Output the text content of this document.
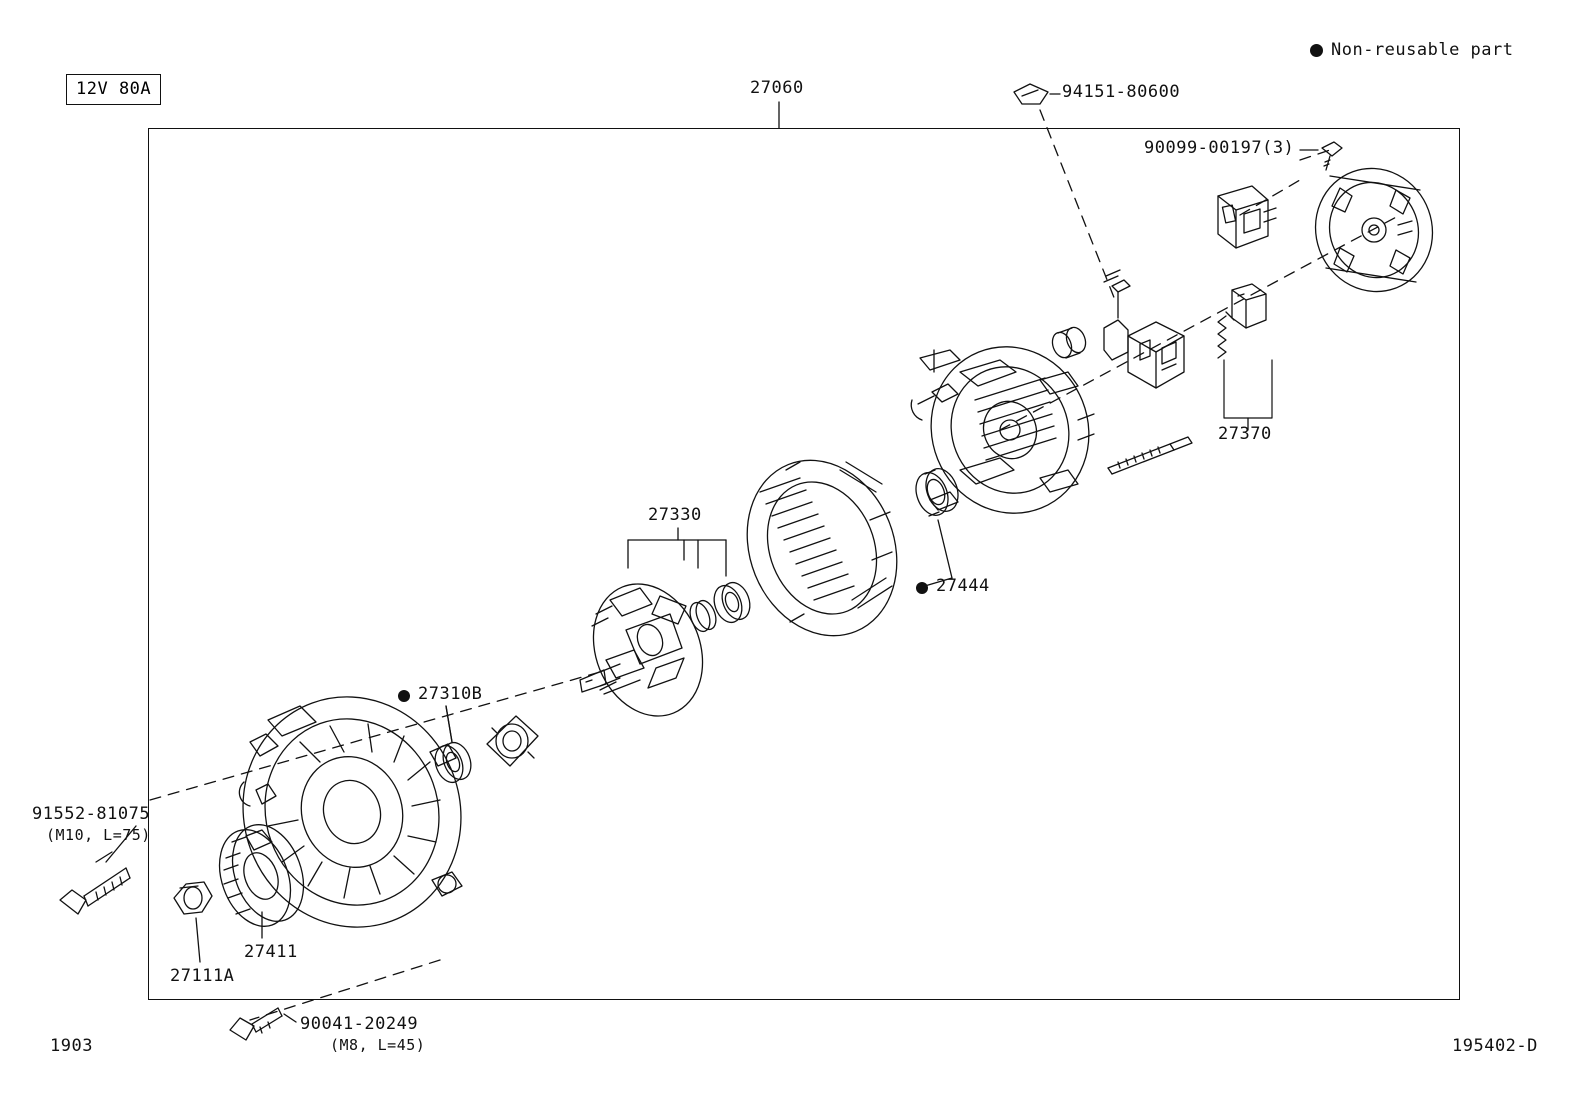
Non-reusable part
12V 80A	27060	94151-80600
90099-00197(3)
27370
27444
27330
27310B
27411
27111A
91552-81075
(M10, L=75)
90041-20249
(M8, L=45)
1903	195402-D
